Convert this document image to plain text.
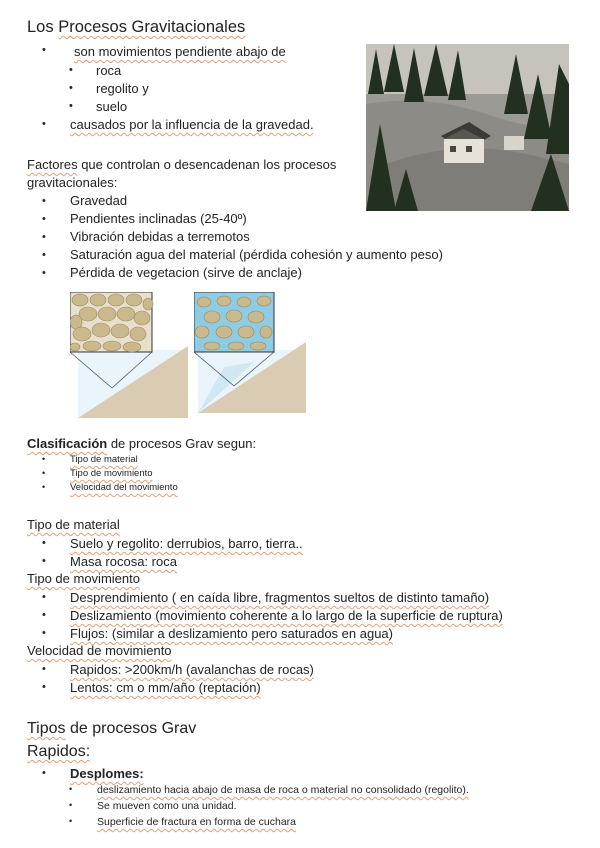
Los Procesos Gravitacionales
• son movimientos pendiente abajo de
• roca
• regolito y
• suelo
• causados por la influencia de la gravedad.
Factores que controlan o desencadenan los procesos
gravitacionales:
• Gravedad
• Pendientes inclinadas (25-40º)
• Vibración debidas a terremotos
• Saturación agua del material (pérdida cohesión y aumento peso)
• Pérdida de vegetacion (sirve de anclaje)
Clasificación de procesos Grav segun:
•	Tipo de material
•	Tipo de movimiento
•	Velocidad del movimiento
Tipo de material
• Suelo y regolito: derrubios, barro, tierra..
• Masa rocosa: roca
Tipo de movimiento
• Desprendimiento ( en caída libre, fragmentos sueltos de distinto tamaño)
• Deslizamiento (movimiento coherente a lo largo de la superficie de ruptura)
• Flujos: (similar a deslizamiento pero saturados en agua)
Velocidad de movimiento
• Rapidos: >200km/h (avalanchas de rocas)
• Lentos: cm o mm/año (reptación)
Tipos de procesos Grav
Rapidos:
• Desplomes:
• deslizamiento hacia abajo de masa de roca o material no consolidado (regolito).
• Se mueven como una unidad.
• Superficie de fractura en forma de cuchara
